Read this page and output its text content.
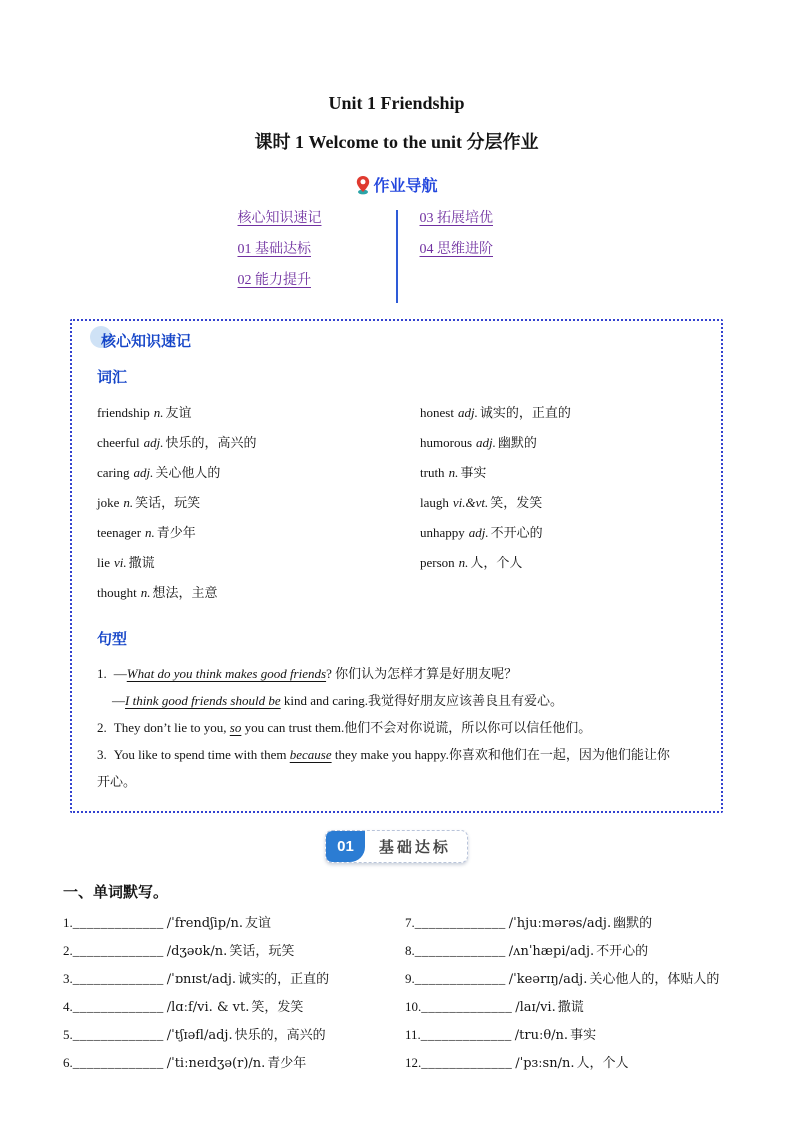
Unit 1 Friendship
课时 1 Welcome to the unit 分层作业
作业导航
核心知识速记
01 基础达标
02 能力提升
03 拓展培优
04 思维进阶
核心知识速记
词汇
friendship n. 友谊
cheerful adj. 快乐的，高兴的
caring adj. 关心他人的
joke n. 笑话，玩笑
teenager n. 青少年
lie vi. 撒谎
thought n. 想法，主意
honest adj. 诚实的，正直的
humorous adj. 幽默的
truth n. 事实
laugh vi.&vt. 笑，发笑
unhappy adj. 不开心的
person n. 人，个人
句型
1. —What do you think makes good friends? 你们认为怎样才算是好朋友呢？
—I think good friends should be kind and caring.我觉得好朋友应该善良且有爱心。
2. They don’t lie to you, so you can trust them.他们不会对你说谎，所以你可以信任他们。
3. You like to spend time with them because they make you happy.你喜欢和他们在一起，因为他们能让你
开心。
01	基础达标
一、单词默写。
1._____________ /ˈfrendʃip/n. 友谊
2._____________ /dʒəʊk/n. 笑话，玩笑
3._____________ /ˈɒnɪst/adj. 诚实的，正直的
4._____________ /lɑːf/vi. & vt. 笑，发笑
5._____________ /ˈtʃɪəfl/adj. 快乐的，高兴的
6._____________ /ˈtiːneɪdʒə(r)/n. 青少年
7._____________ /ˈhjuːmərəs/adj. 幽默的
8._____________ /ʌnˈhæpi/adj. 不开心的
9._____________ /ˈkeərɪŋ/adj. 关心他人的，体贴人的
10._____________ /laɪ/vi. 撒谎
11._____________ /truːθ/n. 事实
12._____________ /ˈpɜːsn/n. 人，个人
